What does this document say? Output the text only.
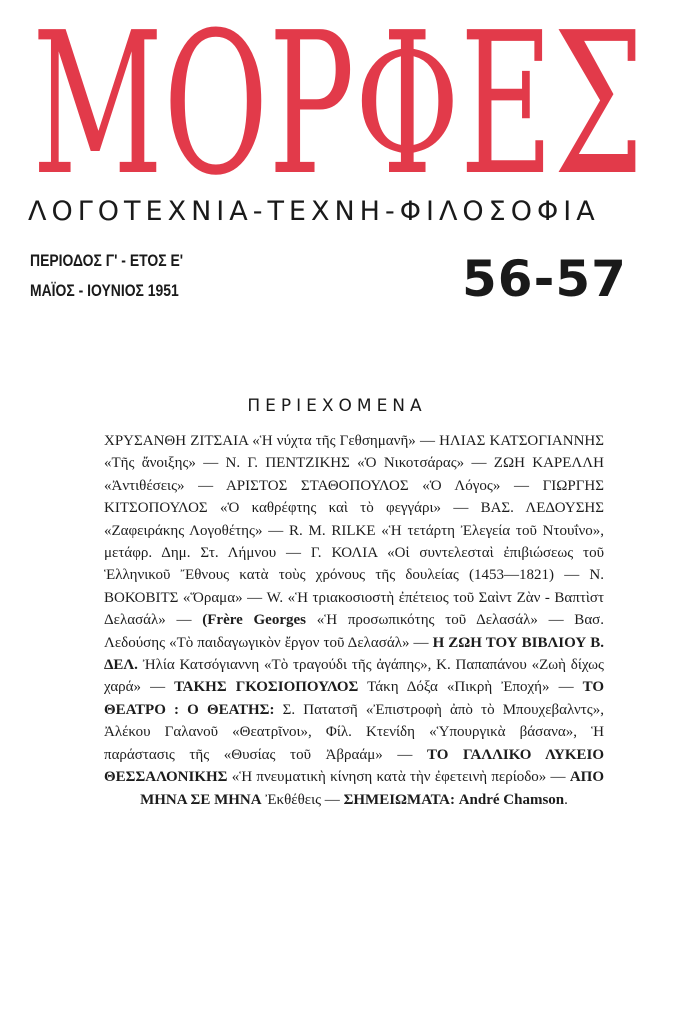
ΜΟΡΦΕΣ
ΛΟΓΟΤΕΧΝΙΑ-ΤΕΧΝΗ-ΦΙΛΟΣΟΦΙΑ
ΠΕΡΙΟΔΟΣ Γ' - ΕΤΟΣ Ε'
ΜΑΪΟΣ - ΙΟΥΝΙΟΣ 1951	56-57
ΠΕΡΙΕΧΟΜΕΝΑ
ΧΡΥΣΑΝΘΗ ΖΙΤΣΑΙΑ «Ἡ νύχτα τῆς Γεθσημανῆ» — ΗΛΙΑΣ ΚΑΤΣΟΓΙΑΝΝΗΣ «Τῆς ἄνοιξης» — Ν. Γ. ΠΕΝΤΖΙΚΗΣ «Ὁ Νικοτσάρας» — ΖΩΗ ΚΑΡΕΛΛΗ «Ἀντιθέσεις» — ΑΡΙΣΤΟΣ ΣΤΑΘΟΠΟΥΛΟΣ «Ὁ Λόγος» — ΓΙΩΡΓΗΣ ΚΙΤΣΟΠΟΥΛΟΣ «Ὁ καθρέφτης καὶ τὸ φεγγάρι» — ΒΑΣ. ΛΕΔΟΥΣΗΣ «Ζαφειράκης Λογοθέτης» — R. M. RILKE «Ἡ τετάρτη Ἐλεγεία τοῦ Ντουΐνο», μετάφρ. Δημ. Στ. Λήμνου — Γ. ΚΟΛΙΑ «Οἱ συντελεσταὶ ἐπιβιώσεως τοῦ Ἑλληνικοῦ Ἔθνους κατὰ τοὺς χρόνους τῆς δουλείας (1453—1821) — Ν. ΒΟΚΟΒΙΤΣ «Ὅραμα» — W. «Ἡ τριακοσιοστὴ ἐπέτειος τοῦ Σαὶντ Ζὰν - Βαπτὶστ Δελασάλ» — (Frère Georges «Ἡ προσωπικότης τοῦ Δελασάλ» — Βασ. Λεδούσης «Τὸ παιδαγωγικὸν ἔργον τοῦ Δελασάλ» — Η ΖΩΗ ΤΟΥ ΒΙΒΛΙΟΥ Β. ΔΕΛ. Ἠλία Κατσόγιαννη «Τὸ τραγούδι τῆς ἀγάπης», Κ. Παπαπάνου «Ζωὴ δίχως χαρά» — ΤΑΚΗΣ ΓΚΟΣΙΟΠΟΥΛΟΣ Τάκη Δόξα «Πικρὴ Ἐποχή» — ΤΟ ΘΕΑΤΡΟ : Ο ΘΕΑΤΗΣ: Σ. Πατατσῆ «Ἐπιστροφὴ ἀπὸ τὸ Μπουχεβαλντς», Ἀλέκου Γαλανοῦ «Θεατρῖνοι», Φίλ. Κτενίδη «Ὑπουργικὰ βάσανα», Ἡ παράστασις τῆς «Θυσίας τοῦ Ἀβραάμ» — ΤΟ ΓΑΛΛΙΚΟ ΛΥΚΕΙΟ ΘΕΣΣΑΛΟΝΙΚΗΣ «Ἡ πνευματικὴ κίνηση κατὰ τὴν ἐφετεινὴ περίοδο» — ΑΠΟ ΜΗΝΑ ΣΕ ΜΗΝΑ Ἐκθέθεις — ΣΗΜΕΙΩΜΑΤΑ: André Chamson.
